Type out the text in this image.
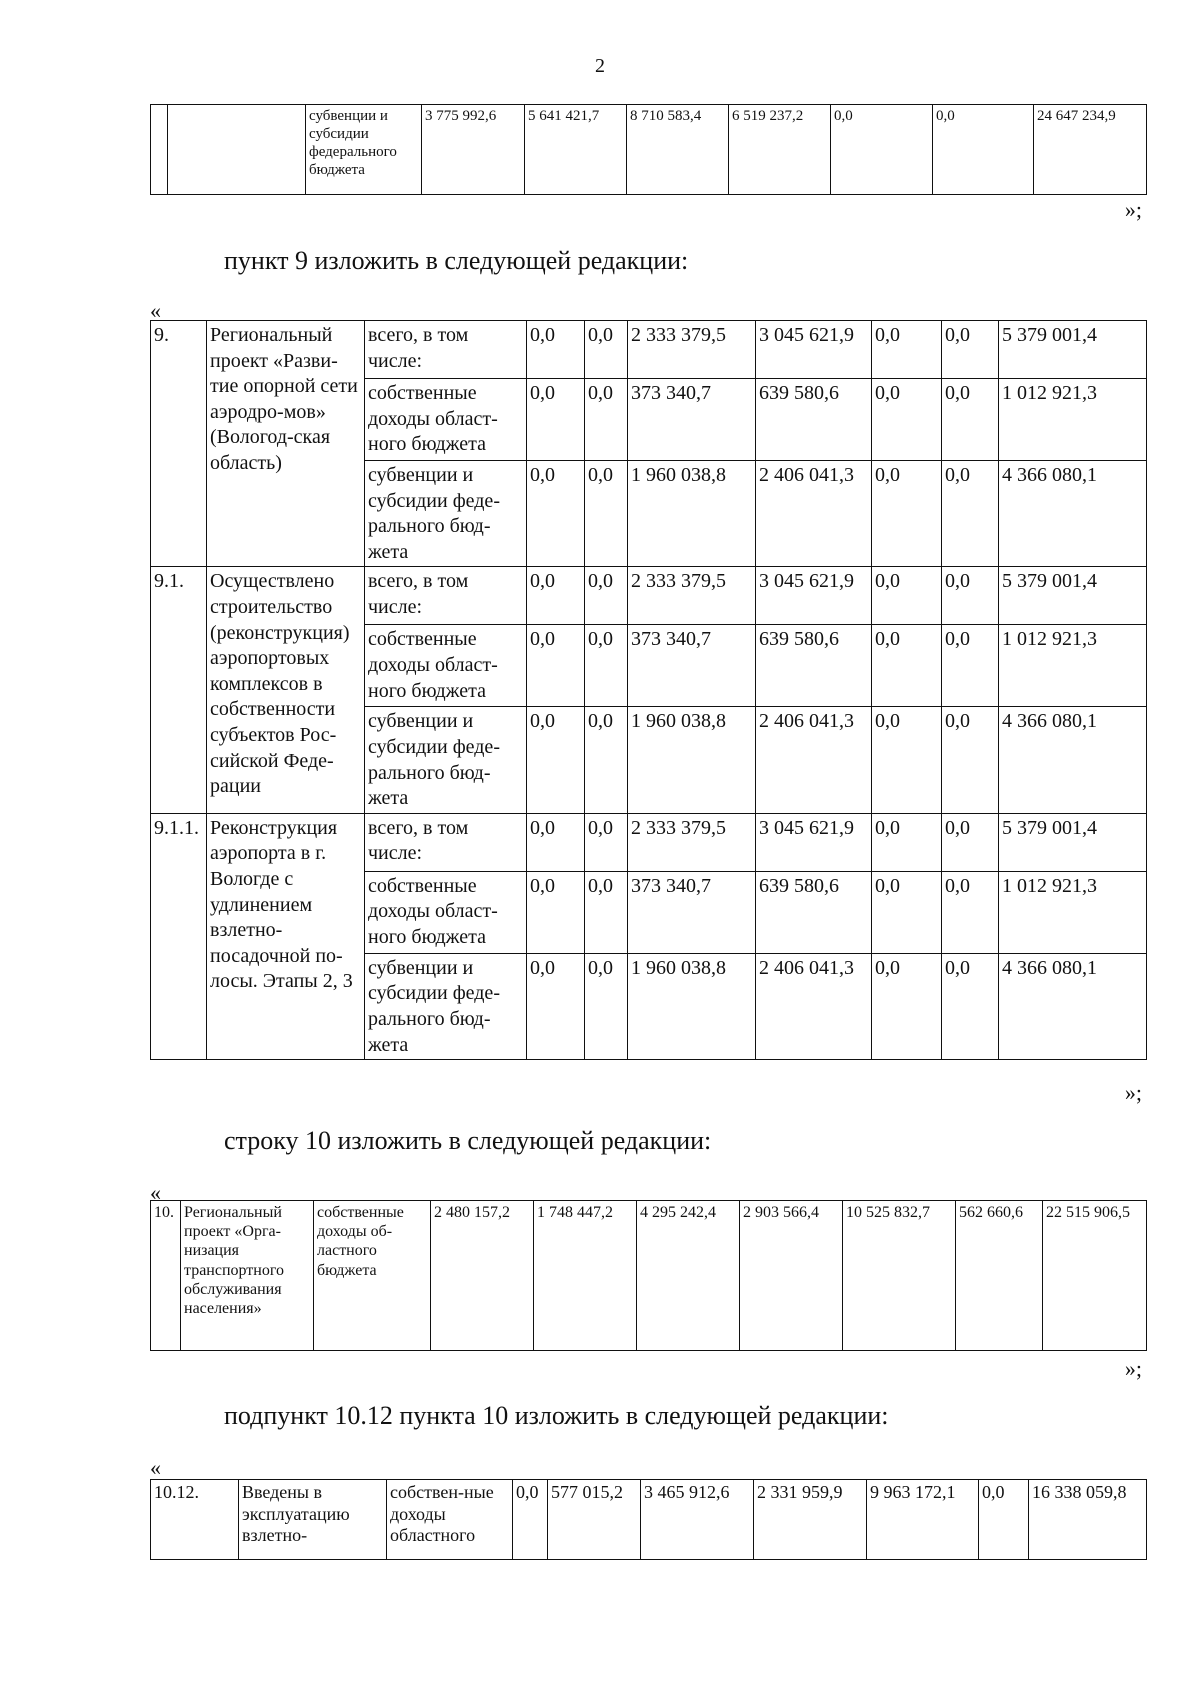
2
		субвенции и субсидии федерального бюджета	3 775 992,6	5 641 421,7	8 710 583,4	6 519 237,2	0,0	0,0	24 647 234,9
»;
пункт 9 изложить в следующей редакции:
«
9.	Региональный проект «Разви-тие опорной сети аэродро-мов» (Вологод-ская область)	всего, в том числе:	0,0	0,0	2 333 379,5	3 045 621,9	0,0	0,0	5 379 001,4
		собственные доходы област-ного бюджета	0,0	0,0	373 340,7	639 580,6	0,0	0,0	1 012 921,3
		субвенции и субсидии феде-рального бюд-жета	0,0	0,0	1 960 038,8	2 406 041,3	0,0	0,0	4 366 080,1
9.1.	Осуществлено строительство (реконструкция) аэропортовых комплексов в собственности субъектов Рос-сийской Феде-рации	всего, в том числе:	0,0	0,0	2 333 379,5	3 045 621,9	0,0	0,0	5 379 001,4
		собственные доходы област-ного бюджета	0,0	0,0	373 340,7	639 580,6	0,0	0,0	1 012 921,3
		субвенции и субсидии феде-рального бюд-жета	0,0	0,0	1 960 038,8	2 406 041,3	0,0	0,0	4 366 080,1
9.1.1.	Реконструкция аэропорта в г. Вологде с удлинением взлетно-посадочной по-лосы. Этапы 2, 3	всего, в том числе:	0,0	0,0	2 333 379,5	3 045 621,9	0,0	0,0	5 379 001,4
		собственные доходы област-ного бюджета	0,0	0,0	373 340,7	639 580,6	0,0	0,0	1 012 921,3
		субвенции и субсидии феде-рального бюд-жета	0,0	0,0	1 960 038,8	2 406 041,3	0,0	0,0	4 366 080,1
»;
строку 10 изложить в следующей редакции:
«
10.	Региональный проект «Орга-низация транспортного обслуживания населения»	собственные доходы об-ластного бюджета	2 480 157,2	1 748 447,2	4 295 242,4	2 903 566,4	10 525 832,7	562 660,6	22 515 906,5
»;
подпункт 10.12 пункта 10 изложить в следующей редакции:
«
10.12.	Введены в эксплуатацию взлетно-	собствен-ные доходы областного	0,0	577 015,2	3 465 912,6	2 331 959,9	9 963 172,1	0,0	16 338 059,8
